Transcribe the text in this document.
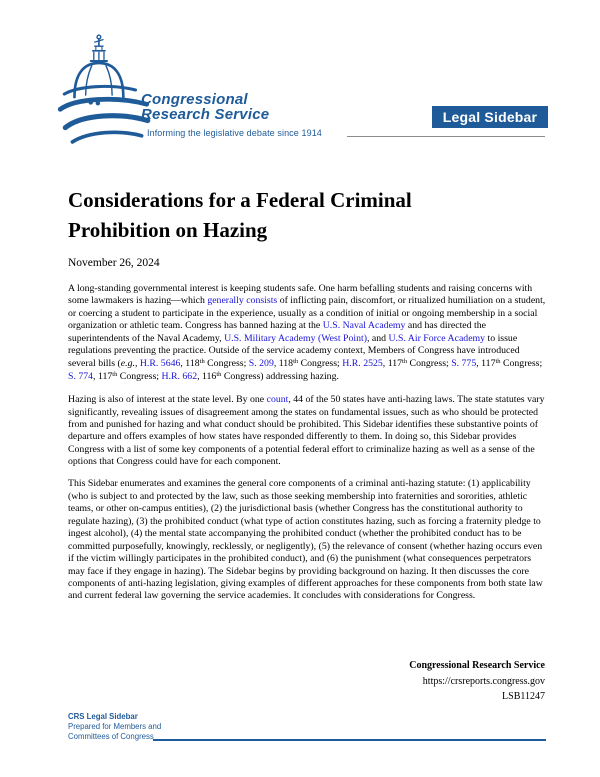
Congressional
Research Service
Informing the legislative debate since 1914
Legal Sidebar
Considerations for a Federal Criminal Prohibition on Hazing
November 26, 2024

A long-standing governmental interest is keeping students safe. One harm befalling students and raising concerns with some lawmakers is hazing—which generally consists of inflicting pain, discomfort, or ritualized humiliation on a student, or coercing a student to participate in the experience, usually as a condition of initial or ongoing membership in a social organization or athletic team. Congress has banned hazing at the U.S. Naval Academy and has directed the superintendents of the Naval Academy, U.S. Military Academy (West Point), and U.S. Air Force Academy to issue regulations preventing the practice. Outside of the service academy context, Members of Congress have introduced several bills (e.g., H.R. 5646, 118th Congress; S. 209, 118th Congress; H.R. 2525, 117th Congress; S. 775, 117th Congress; S. 774, 117th Congress; H.R. 662, 116th Congress) addressing hazing.

Hazing is also of interest at the state level. By one count, 44 of the 50 states have anti-hazing laws. The state statutes vary significantly, revealing issues of disagreement among the states on fundamental issues, such as who should be protected from and punished for hazing and what conduct should be prohibited. This Sidebar identifies these substantive points of departure and offers examples of how states have responded differently to them. In doing so, this Sidebar provides Congress with a list of some key components of a potential federal effort to criminalize hazing as well as a sense of the options that Congress could have for each component.

This Sidebar enumerates and examines the general core components of a criminal anti-hazing statute: (1) applicability (who is subject to and protected by the law, such as those seeking membership into fraternities and sororities, athletic teams, or other on-campus entities), (2) the jurisdictional basis (whether Congress has the constitutional authority to regulate hazing), (3) the prohibited conduct (what type of action constitutes hazing, such as forcing a fraternity pledge to ingest alcohol), (4) the mental state accompanying the prohibited conduct (whether the prohibited conduct has to be committed purposefully, knowingly, recklessly, or negligently), (5) the relevance of consent (whether hazing occurs even if the victim willingly participates in the prohibited conduct), and (6) the punishment (what consequences perpetrators may face if they engage in hazing). The Sidebar begins by providing background on hazing. It then discusses the core components of anti-hazing legislation, giving examples of different approaches for these components from both state law and current federal law governing the service academies. It concludes with considerations for Congress.

Congressional Research Service
https://crsreports.congress.gov
LSB11247
CRS Legal Sidebar
Prepared for Members and
Committees of Congress
